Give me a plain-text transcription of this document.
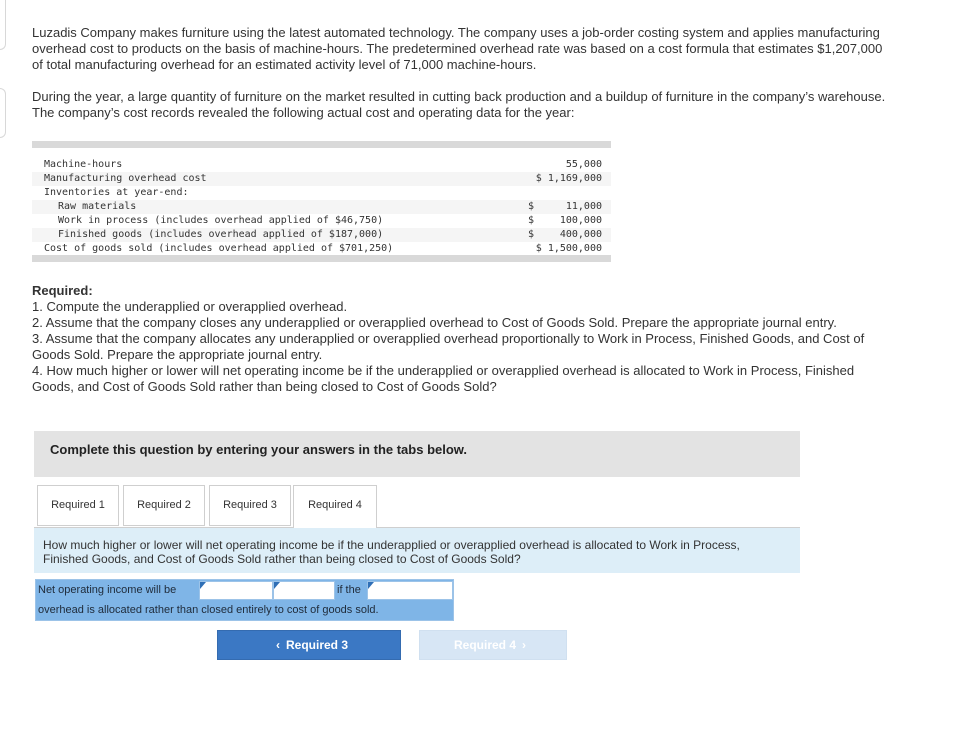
Luzadis Company makes furniture using the latest automated technology. The company uses a job-order costing system and applies manufacturing overhead cost to products on the basis of machine-hours. The predetermined overhead rate was based on a cost formula that estimates $1,207,000 of total manufacturing overhead for an estimated activity level of 71,000 machine-hours.

During the year, a large quantity of furniture on the market resulted in cutting back production and a buildup of furniture in the company’s warehouse. The company’s cost records revealed the following actual cost and operating data for the year:

Machine-hours	55,000
Manufacturing overhead cost	$ 1,169,000
Inventories at year-end:
Raw materials	$	11,000
Work in process (includes overhead applied of $46,750)	$	100,000
Finished goods (includes overhead applied of $187,000)	$	400,000
Cost of goods sold (includes overhead applied of $701,250)	$ 1,500,000
Required:
1. Compute the underapplied or overapplied overhead.
2. Assume that the company closes any underapplied or overapplied overhead to Cost of Goods Sold. Prepare the appropriate journal entry.
3. Assume that the company allocates any underapplied or overapplied overhead proportionally to Work in Process, Finished Goods, and Cost of Goods Sold. Prepare the appropriate journal entry.
4. How much higher or lower will net operating income be if the underapplied or overapplied overhead is allocated to Work in Process, Finished Goods, and Cost of Goods Sold rather than being closed to Cost of Goods Sold?
Complete this question by entering your answers in the tabs below.
Required 1	Required 2	Required 3	Required 4
How much higher or lower will net operating income be if the underapplied or overapplied overhead is allocated to Work in Process, Finished Goods, and Cost of Goods Sold rather than being closed to Cost of Goods Sold?
Net operating income will be	if the
overhead is allocated rather than closed entirely to cost of goods sold.
‹ Required 3	Required 4 ›
